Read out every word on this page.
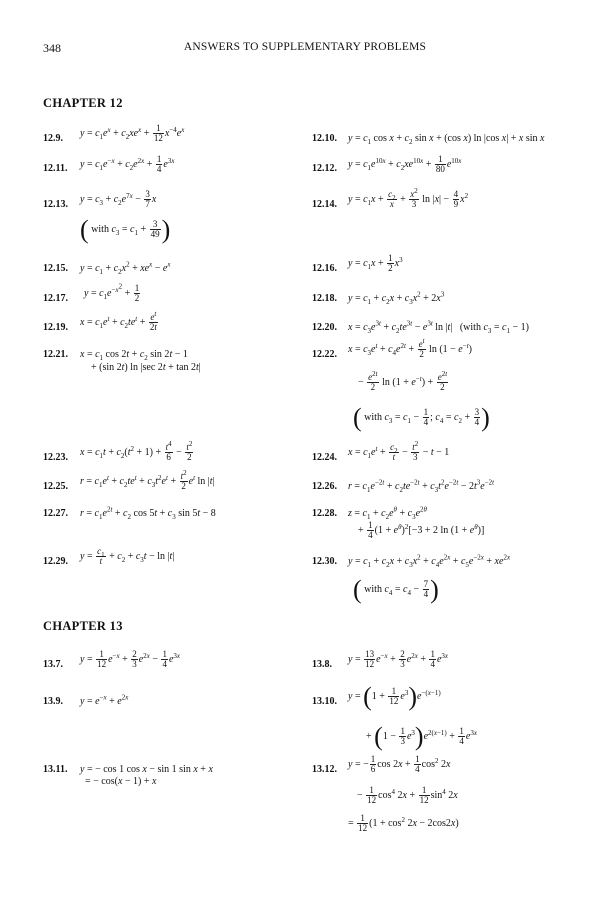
348	ANSWERS TO SUPPLEMENTARY PROBLEMS
CHAPTER 12
12.9. $y = c_1e^x + c_2xe^x + \frac{1}{12} x^{-4}e^x$
12.10. $y = c_1$ $\cos x + c_2$ sin x + (cos x) ln |cos x| + x sin x
12.11. $y = c_1e^{-x} + c_2e^{2x} + \frac{1}{4} e^{3x}$
12.12. $y = c_1e^{10x} + c_2xe^{10x} + \frac{1}{80} e^{10x}$
12.13. $y = c_3 + c_2e^{7x} - \frac{3}{7}$ x
( with $c_3 = c_1 + \frac{3}{49}$ )
12.14. $y = c_1x + \frac{c_2}{x} + \frac{x^2}{3}$ $\ln |x| - \frac{4}{9} x^2$
12.15. $y = c_1 + c_2x^2 + xe^x - e^x$	12.16. $y = c_1x + \frac{1}{2} x^3$
12.17. $y = c_1e^{-x^2} + \frac{1}{2}$	12.18. $y = c_1 + c_2x + c_3x^2 + 2x^3$
12.19. $x = c_1e^t + c_2te^t + \frac{e^t}{2t}$	12.20. $x = c_3e^{3t} + c_2te^{3t} - e^{3t}$ ln |t|   (with $c_3 = c_1 - 1$)
12.21. $x = c_1$ $\cos 2t + c_2$ sin 2t − 1
+ (sin 2t) ln |sec 2t + tan 2t|
12.22. $x = c_3e^t + c_4e^{2t} + \frac{e^t}{2}$ $\ln (1 - e^{-t})$
− $\frac{e^{2t}}{2}$ $\ln (1 + e^{-t}) + \frac{e^{2t}}{2}$
( with $c_3 = c_1 - \frac{1}{4}$ ; $c_4 = c_2 + \frac{3}{4}$ )
12.23. $x = c_1t + c_2(t^2 + 1) + \frac{t^4}{6} - \frac{t^2}{2}$	12.24. $x = c_1e^t + \frac{c_2}{t} - \frac{t^2}{3} - t - 1$
12.25. $r = c_1e^t + c_2te^t + c_3t^2e^t + \frac{t^2}{2} e^t$ ln |t|	12.26. $r = c_1e^{-2t} + c_2te^{-2t} + c_3t^2e^{-2t} - 2t^3e^{-2t}$
12.27. $r = c_1e^{2t} + c_2$ $\cos 5t + c_3$ sin 5t − 8	12.28. $z = c_1 + c_2e^\theta + c_3e^{2\theta}$
+ $\frac{1}{4} (1 + e^\theta)^2[-3 + 2$ $\ln (1 + e^\theta)$]
12.29. $y = \frac{c_1}{t} + c_2 + c_3t - \ln |t|$	12.30. $y = c_1 + c_2x + c_3x^2 + c_4e^{2x} + c_5e^{-2x} + xe^{2x}$
( with $c_4 = c_4 - \frac{7}{4}$ )
CHAPTER 13
13.7. $y = \frac{1}{12} e^{-x} + \frac{2}{3} e^{2x} - \frac{1}{4} e^{3x}$
13.8. $y = \frac{13}{12} e^{-x} + \frac{2}{3} e^{2x} + \frac{1}{4} e^{3x}$
13.9. $y = e^{-x} + e^{2x}$	13.10. $y = (1 + \frac{1}{12} e^3)e^{-(x-1)}$
+ $(1 - \frac{1}{3} e^3)e^{2(x-1)} + \frac{1}{4} e^{3x}$
13.11. y = − cos 1 cos x − sin 1 sin x + x
= − cos(x − 1) + x
13.12. y = − $\frac{1}{6}$ $\cos 2x + \frac{1}{4} \cos^2 2x$
− $\frac{1}{12} \cos^4 2x + \frac{1}{12} \sin^4 2x$
= $\frac{1}{12} (1 + \cos^2 2x - 2\cos 2x)$
